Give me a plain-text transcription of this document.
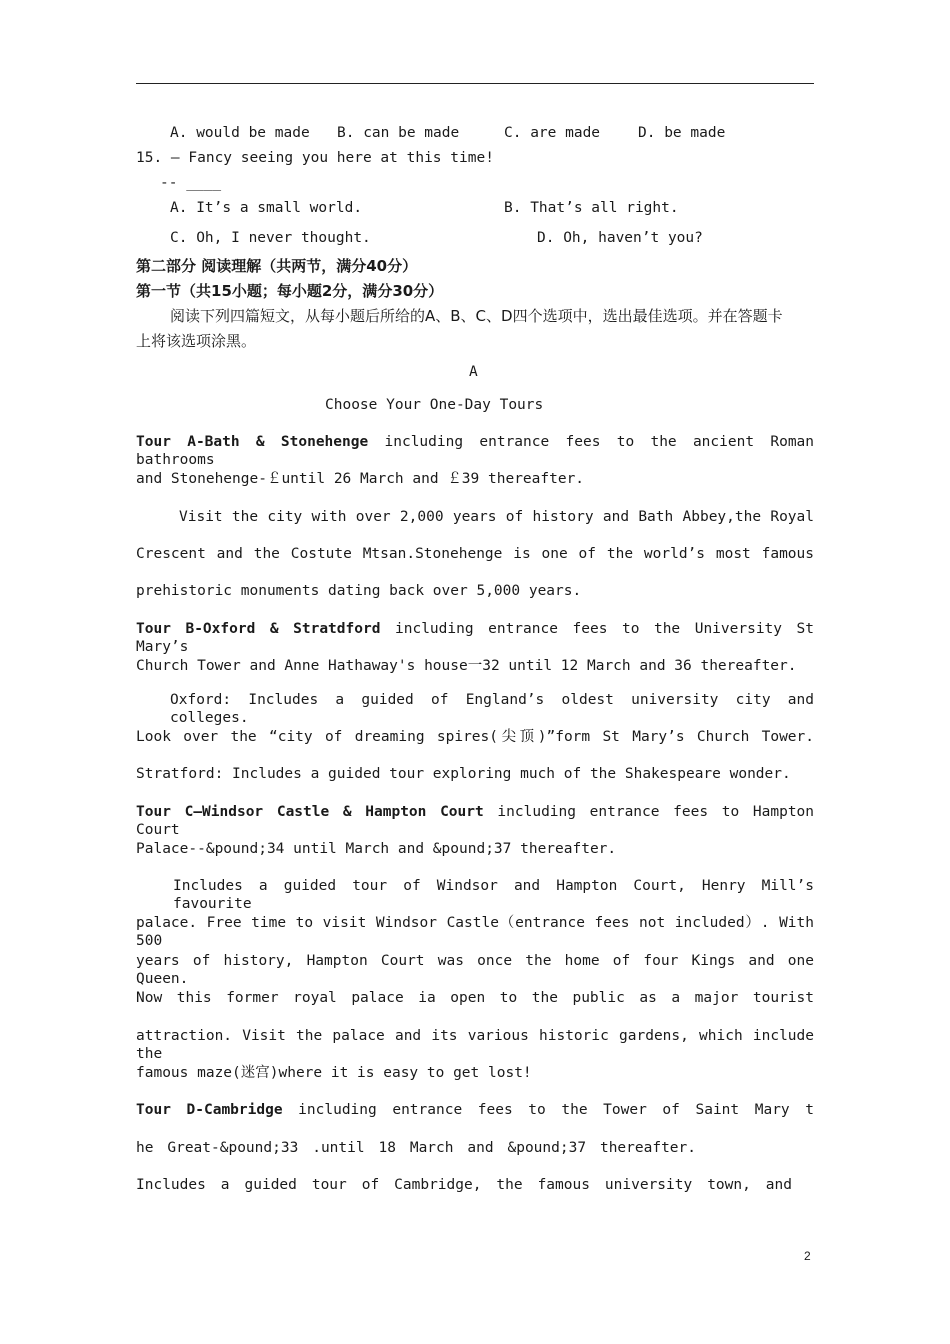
A. would be made B. can be made	C. are made	D. be made
15. – Fancy seeing you here at this time!
-- ____
A. It’s a small world.	B. That’s all right.
C. Oh, I never thought.	D. Oh, haven’t you?
第二部分 阅读理解（共两节，满分40分）
第一节（共15小题；每小题2分，满分30分）
阅读下列四篇短文，从每小题后所给的A、B、C、D四个选项中，选出最佳选项。并在答题卡
上将该选项涂黑。
A
Choose Your One-Day Tours
Tour A-Bath & Stonehenge including entrance fees to the ancient Roman bathrooms
and Stonehenge-￡until 26 March and ￡39 thereafter.
Visit the city with over 2,000 years of history and Bath Abbey,the Royal
Crescent and the Costute Mtsan.Stonehenge is one of the world’s most famous
prehistoric monuments dating back over 5,000 years.
Tour B-Oxford & Stratdford including entrance fees to the University St Mary’s
Church Tower and Anne Hathaway's house一32 until 12 March and 36 thereafter.
Oxford: Includes a guided of England’s oldest university city and colleges.
Look over the “city of dreaming spires(尖顶)”form St Mary’s Church Tower.
Stratford: Includes a guided tour exploring much of the Shakespeare wonder.
Tour C—Windsor Castle & Hampton Court including entrance fees to Hampton Court
Palace--&pound;34 until March and &pound;37 thereafter.
Includes a guided tour of Windsor and Hampton Court, Henry Mill’s favourite
palace. Free time to visit Windsor Castle（entrance fees not included）. With 500
years of history, Hampton Court was once the home of four Kings and one Queen.
Now this former royal palace ia open to the public as a major tourist
attraction. Visit the palace and its various historic gardens, which include the
famous maze(迷宫)where it is easy to get lost!
Tour D-Cambridge including entrance fees to the Tower of Saint Mary t
he Great-&pound;33 .until 18 March and &pound;37 thereafter.
Includes a guided tour of Cambridge, the famous university town, and
2
